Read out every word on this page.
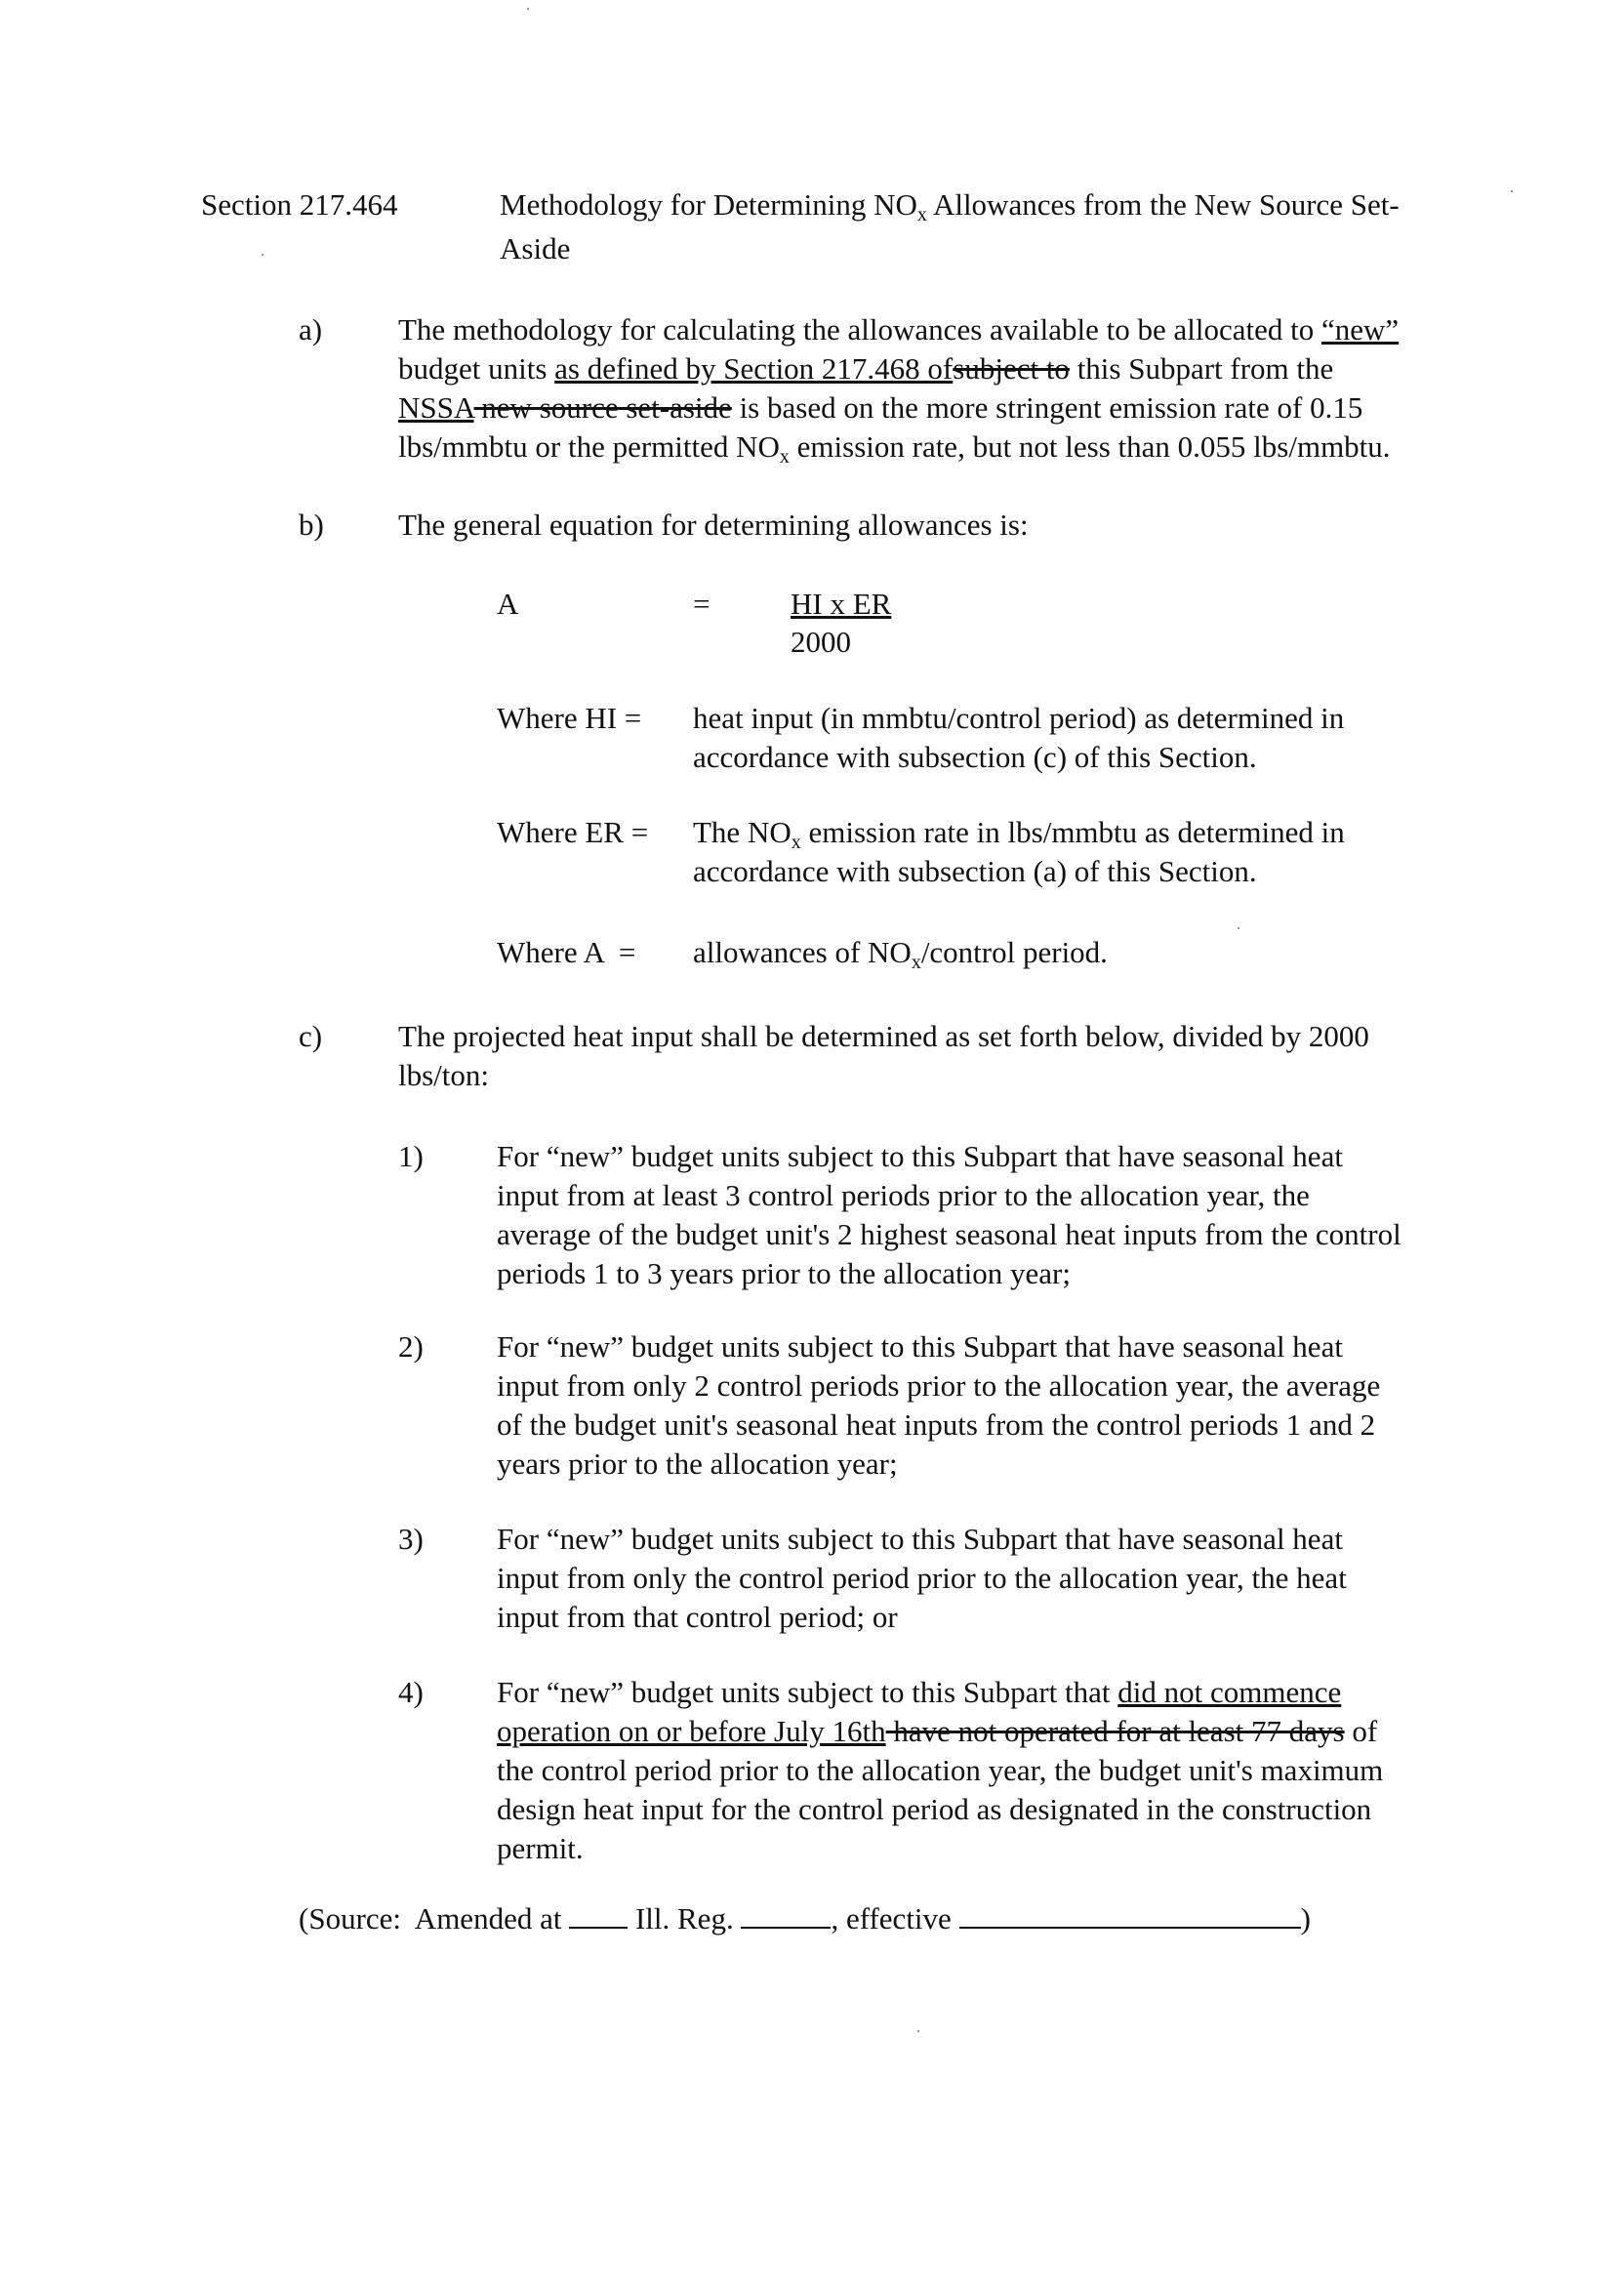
Section 217.464	Methodology for Determining $NO_x$ Allowances from the New Source Set-

Aside

a)	The methodology for calculating the allowances available to be allocated to “new”
budget units as defined by Section 217.468 ofsubject to this Subpart from the
NSSA new source set-aside is based on the more stringent emission rate of 0.15
lbs/mmbtu or the permitted $NO_x$ emission rate, but not less than 0.055 lbs/mmbtu.

b) The general equation for determining allowances is:

A	=	HI x ER

2000

Where HI = heat input (in mmbtu/control period) as determined in
accordance with subsection (c) of this Section.

Where ER = The $NO_x$ emission rate in lbs/mmbtu as determined in
accordance with subsection (a) of this Section.

Where A  = allowances of $NO_x$/control period.

c)	The projected heat input shall be determined as set forth below, divided by 2000
lbs/ton:

1) For “new” budget units subject to this Subpart that have seasonal heat
input from at least 3 control periods prior to the allocation year, the
average of the budget unit's 2 highest seasonal heat inputs from the control
periods 1 to 3 years prior to the allocation year;

2) For “new” budget units subject to this Subpart that have seasonal heat
input from only 2 control periods prior to the allocation year, the average
of the budget unit's seasonal heat inputs from the control periods 1 and 2
years prior to the allocation year;

3) For “new” budget units subject to this Subpart that have seasonal heat
input from only the control period prior to the allocation year, the heat
input from that control period; or

4) For “new” budget units subject to this Subpart that did not commence
operation on or before July 16th have not operated for at least 77 days of
the control period prior to the allocation year, the budget unit's maximum
design heat input for the control period as designated in the construction
permit.

(Source:  Amended at  Ill. Reg.	, effective	)
